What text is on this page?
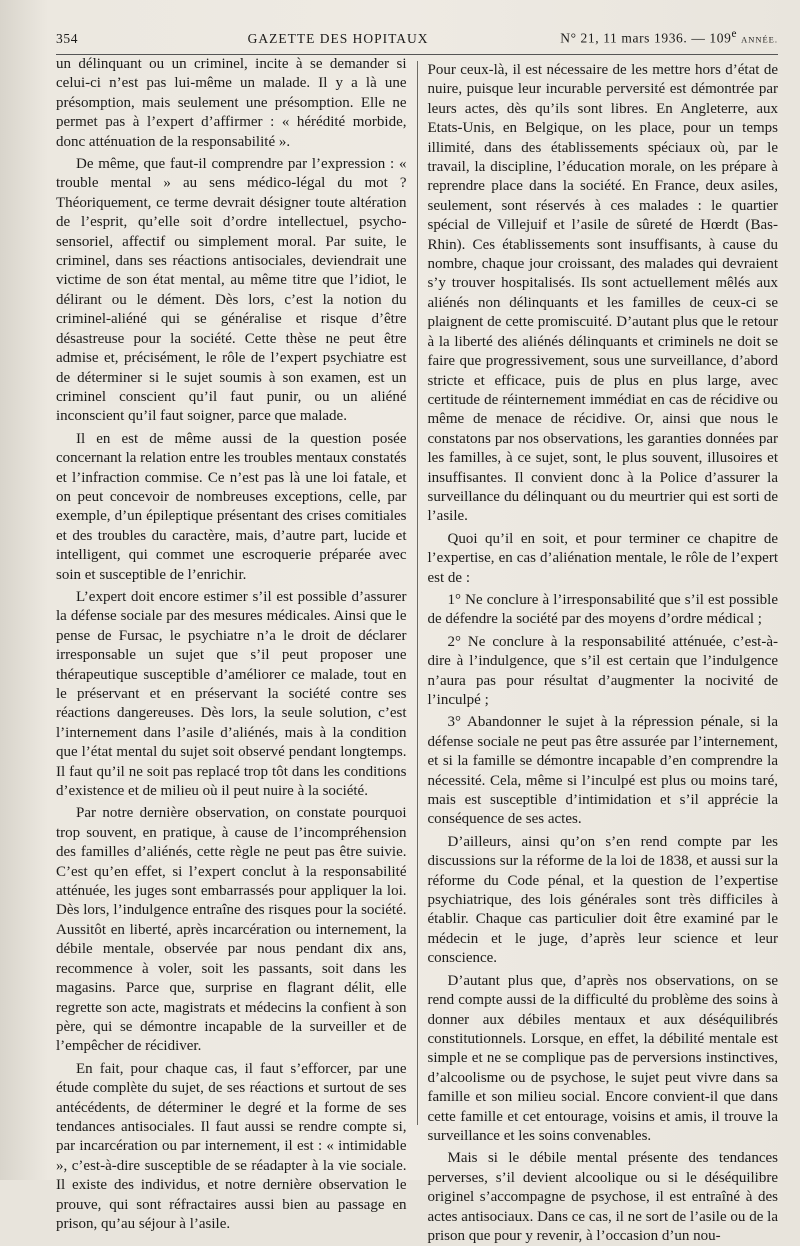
354	GAZETTE DES HOPITAUX	N° 21, 11 mars 1936. — 109e ANNÉE.

un délinquant ou un criminel, incite à se demander si celui-ci n’est pas lui-même un malade. Il y a là une présomption, mais seulement une présomption. Elle ne permet pas à l’expert d’affirmer : « hérédité morbide, donc atténuation de la responsabilité ».

De même, que faut-il comprendre par l’expression : « trouble mental » au sens médico-légal du mot ? Théoriquement, ce terme devrait désigner toute altération de l’esprit, qu’elle soit d’ordre intellectuel, psycho-sensoriel, affectif ou simplement moral. Par suite, le criminel, dans ses réactions antisociales, deviendrait une victime de son état mental, au même titre que l’idiot, le délirant ou le dément. Dès lors, c’est la notion du criminel-aliéné qui se généralise et risque d’être désastreuse pour la société. Cette thèse ne peut être admise et, précisément, le rôle de l’expert psychiatre est de déterminer si le sujet soumis à son examen, est un criminel conscient qu’il faut punir, ou un aliéné inconscient qu’il faut soigner, parce que malade.

Il en est de même aussi de la question posée concernant la relation entre les troubles mentaux constatés et l’infraction commise. Ce n’est pas là une loi fatale, et on peut concevoir de nombreuses exceptions, celle, par exemple, d’un épileptique présentant des crises comitiales et des troubles du caractère, mais, d’autre part, lucide et intelligent, qui commet une escroquerie préparée avec soin et susceptible de l’enrichir.

L’expert doit encore estimer s’il est possible d’assurer la défense sociale par des mesures médicales. Ainsi que le pense de Fursac, le psychiatre n’a le droit de déclarer irresponsable un sujet que s’il peut proposer une thérapeutique susceptible d’améliorer ce malade, tout en le préservant et en préservant la société contre ses réactions dangereuses. Dès lors, la seule solution, c’est l’internement dans l’asile d’aliénés, mais à la condition que l’état mental du sujet soit observé pendant longtemps. Il faut qu’il ne soit pas replacé trop tôt dans les conditions d’existence et de milieu où il peut nuire à la société.

Par notre dernière observation, on constate pourquoi trop souvent, en pratique, à cause de l’incompréhension des familles d’aliénés, cette règle ne peut pas être suivie. C’est qu’en effet, si l’expert conclut à la responsabilité atténuée, les juges sont embarrassés pour appliquer la loi. Dès lors, l’indulgence entraîne des risques pour la société. Aussitôt en liberté, après incarcération ou internement, la débile mentale, observée par nous pendant dix ans, recommence à voler, soit les passants, soit dans les magasins. Parce que, surprise en flagrant délit, elle regrette son acte, magistrats et médecins la confient à son père, qui se démontre incapable de la surveiller et de l’empêcher de récidiver.

En fait, pour chaque cas, il faut s’efforcer, par une étude complète du sujet, de ses réactions et surtout de ses antécédents, de déterminer le degré et la forme de ses tendances antisociales. Il faut aussi se rendre compte si, par incarcération ou par internement, il est : « intimidable », c’est-à-dire susceptible de se réadapter à la vie sociale. Il existe des individus, et notre dernière observation le prouve, qui sont réfractaires aussi bien au passage en prison, qu’au séjour à l’asile.

Pour ceux-là, il est nécessaire de les mettre hors d’état de nuire, puisque leur incurable perversité est démontrée par leurs actes, dès qu’ils sont libres. En Angleterre, aux Etats-Unis, en Belgique, on les place, pour un temps illimité, dans des établissements spéciaux où, par le travail, la discipline, l’éducation morale, on les prépare à reprendre place dans la société. En France, deux asiles, seulement, sont réservés à ces malades : le quartier spécial de Villejuif et l’asile de sûreté de Hœrdt (Bas-Rhin). Ces établissements sont insuffisants, à cause du nombre, chaque jour croissant, des malades qui devraient s’y trouver hospitalisés. Ils sont actuellement mêlés aux aliénés non délinquants et les familles de ceux-ci se plaignent de cette promiscuité. D’autant plus que le retour à la liberté des aliénés délinquants et criminels ne doit se faire que progressivement, sous une surveillance, d’abord stricte et efficace, puis de plus en plus large, avec certitude de réinternement immédiat en cas de récidive ou même de menace de récidive. Or, ainsi que nous le constatons par nos observations, les garanties données par les familles, à ce sujet, sont, le plus souvent, illusoires et insuffisantes. Il convient donc à la Police d’assurer la surveillance du délinquant ou du meurtrier qui est sorti de l’asile.

Quoi qu’il en soit, et pour terminer ce chapitre de l’expertise, en cas d’aliénation mentale, le rôle de l’expert est de :

1° Ne conclure à l’irresponsabilité que s’il est possible de défendre la société par des moyens d’ordre médical ;

2° Ne conclure à la responsabilité atténuée, c’est-à-dire à l’indulgence, que s’il est certain que l’indulgence n’aura pas pour résultat d’augmenter la nocivité de l’inculpé ;

3° Abandonner le sujet à la répression pénale, si la défense sociale ne peut pas être assurée par l’internement, et si la famille se démontre incapable d’en comprendre la nécessité. Cela, même si l’inculpé est plus ou moins taré, mais est susceptible d’intimidation et s’il apprécie la conséquence de ses actes.

D’ailleurs, ainsi qu’on s’en rend compte par les discussions sur la réforme de la loi de 1838, et aussi sur la réforme du Code pénal, et la question de l’expertise psychiatrique, des lois générales sont très difficiles à établir. Chaque cas particulier doit être examiné par le médecin et le juge, d’après leur science et leur conscience.

D’autant plus que, d’après nos observations, on se rend compte aussi de la difficulté du problème des soins à donner aux débiles mentaux et aux déséquilibrés constitutionnels. Lorsque, en effet, la débilité mentale est simple et ne se complique pas de perversions instinctives, d’alcoolisme ou de psychose, le sujet peut vivre dans sa famille et son milieu social. Encore convient-il que dans cette famille et cet entourage, voisins et amis, il trouve la surveillance et les soins convenables.

Mais si le débile mental présente des tendances perverses, s’il devient alcoolique ou si le déséquilibre originel s’accompagne de psychose, il est entraîné à des actes antisociaux. Dans ce cas, il ne sort de l’asile ou de la prison que pour y revenir, à l’occasion d’un nou-
